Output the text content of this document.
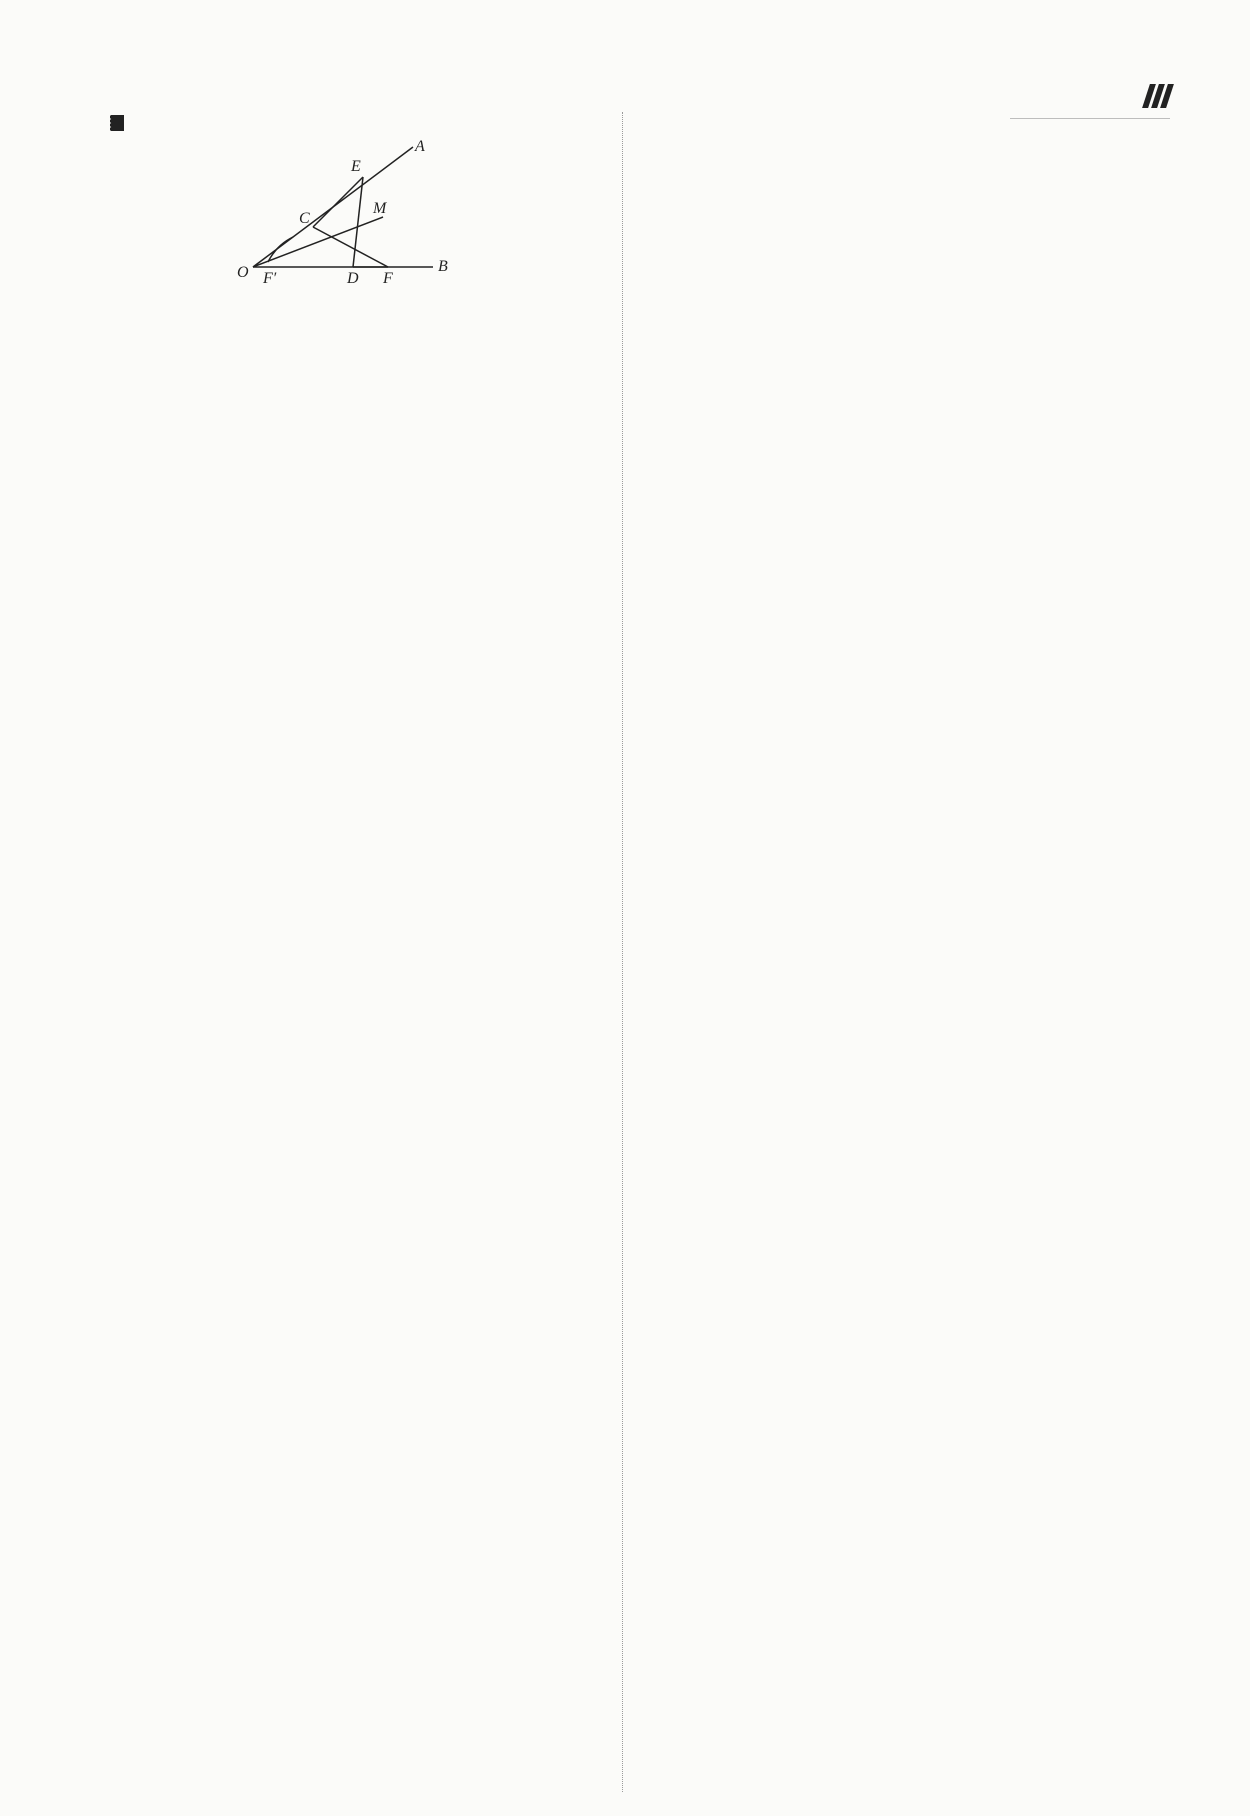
O F′	D F
B
A
E
C
M
